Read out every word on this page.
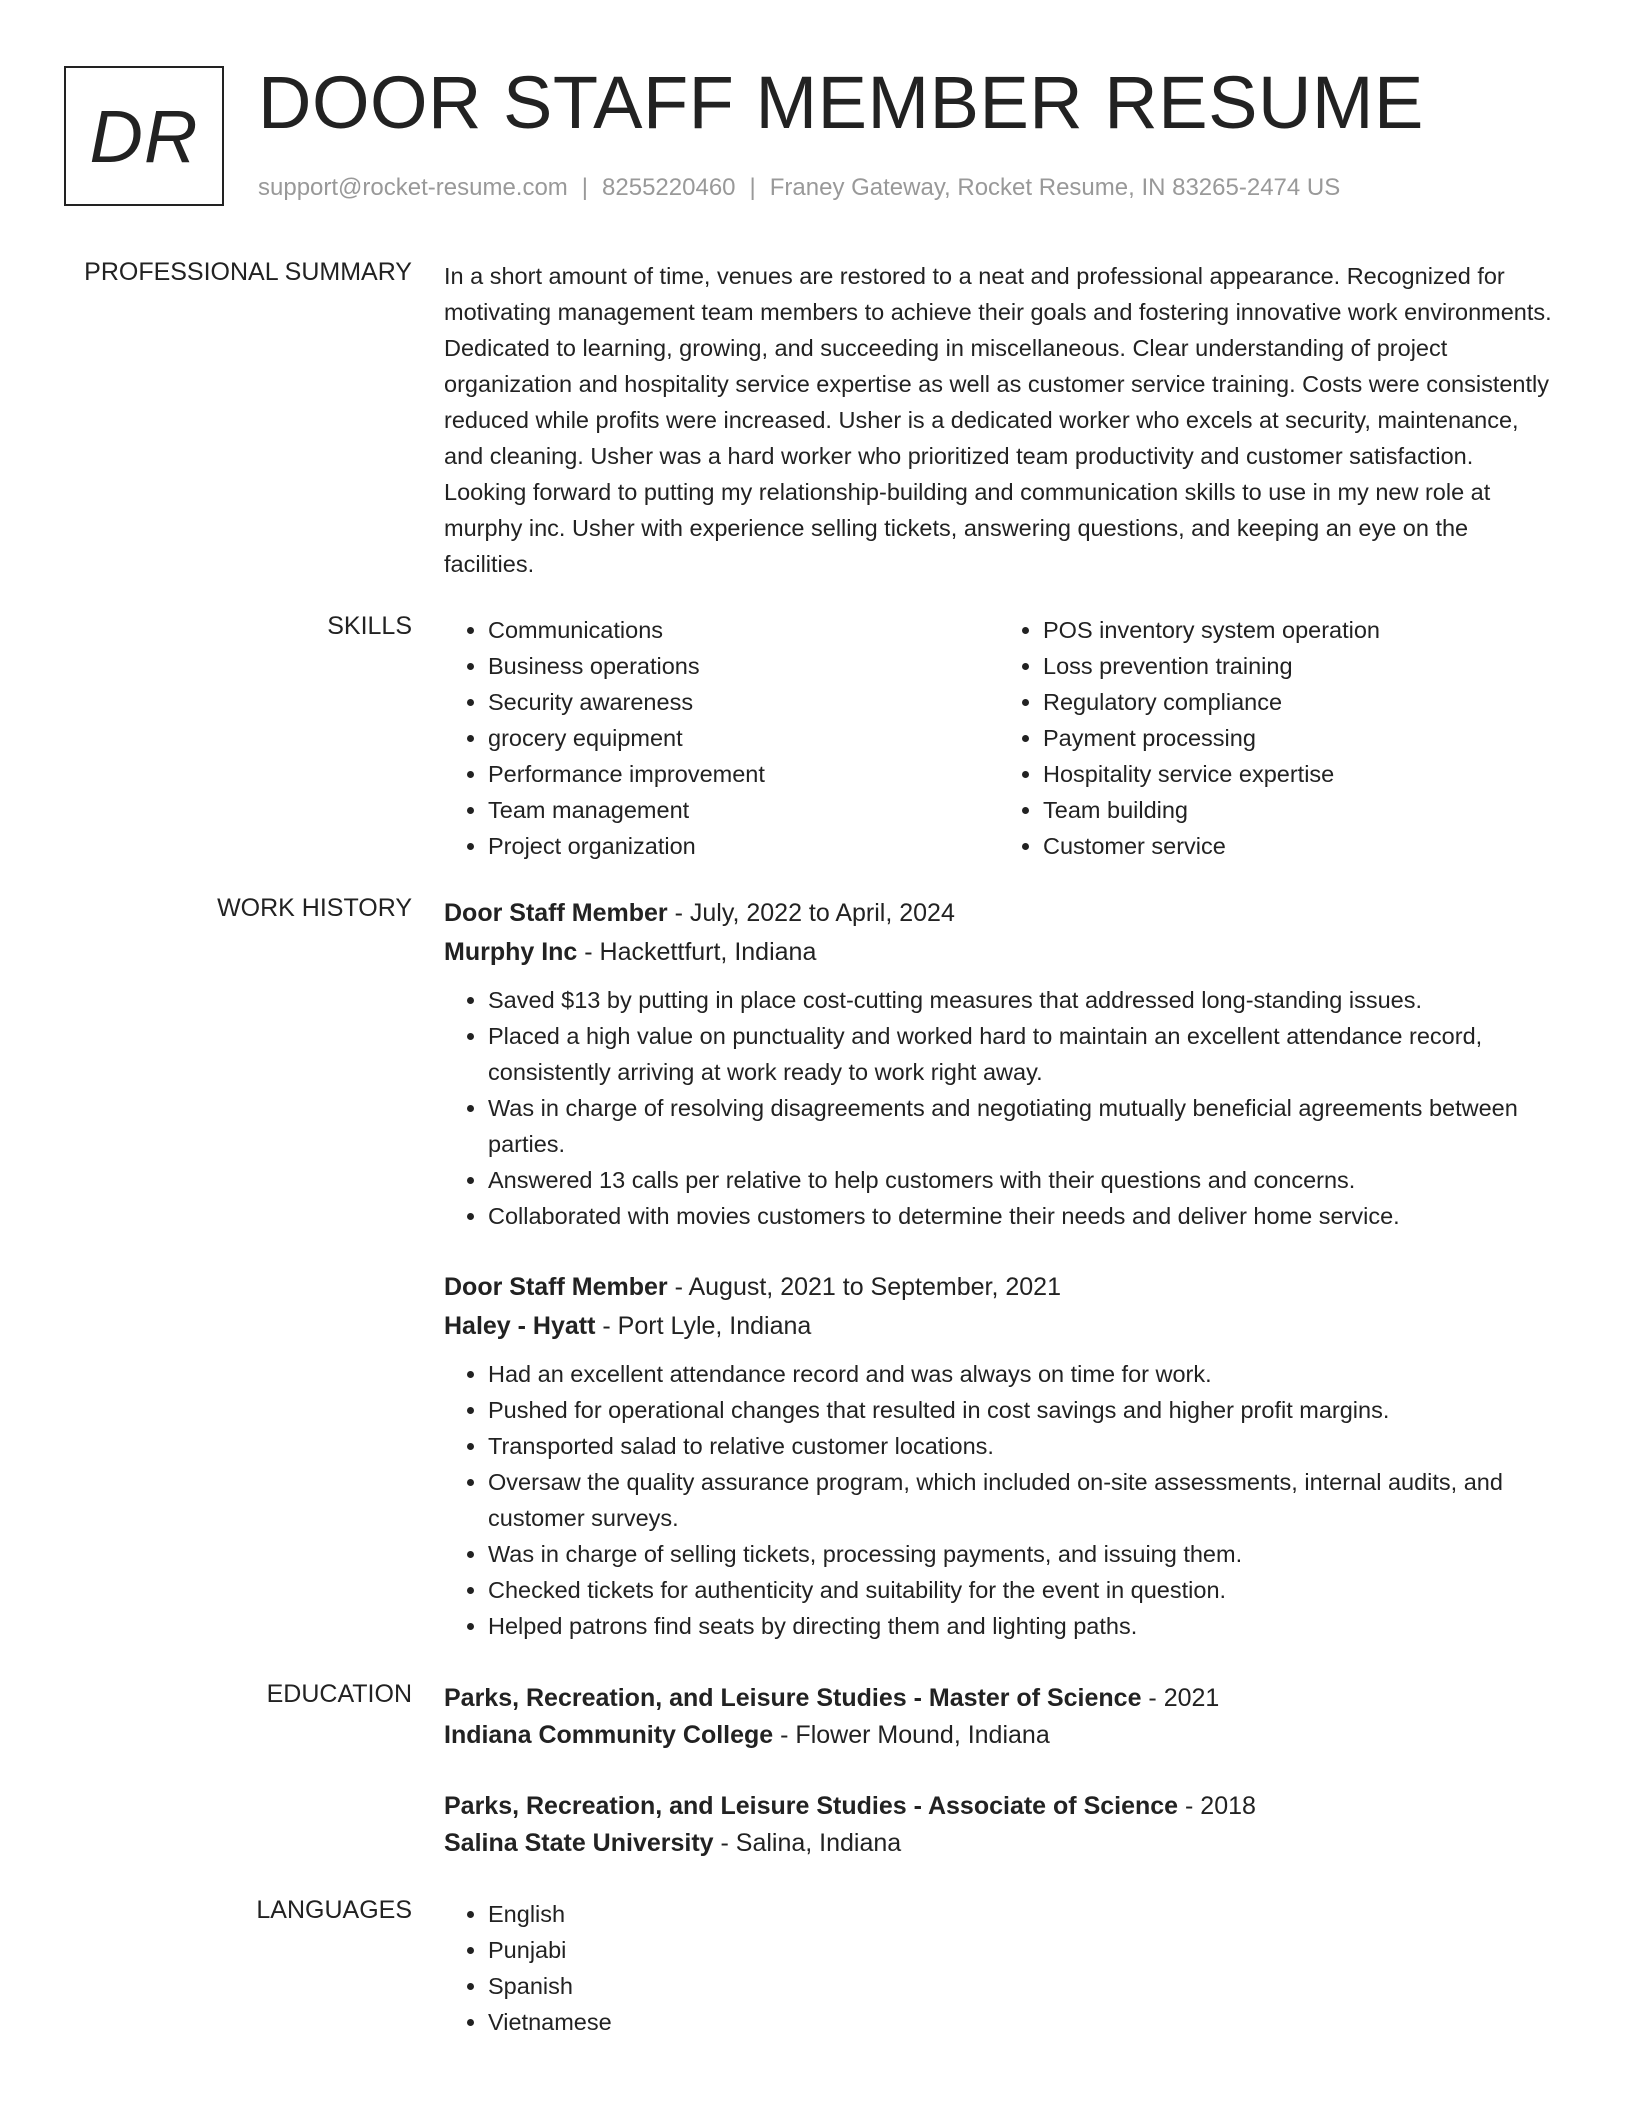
DR DOOR STAFF MEMBER RESUME
support@rocket-resume.com | 8255220460 | Franey Gateway, Rocket Resume, IN 83265-2474 US
PROFESSIONAL SUMMARY In a short amount of time, venues are restored to a neat and professional appearance. Recognized for motivating management team members to achieve their goals and fostering innovative work environments. Dedicated to learning, growing, and succeeding in miscellaneous. Clear understanding of project organization and hospitality service expertise as well as customer service training. Costs were consistently reduced while profits were increased. Usher is a dedicated worker who excels at security, maintenance, and cleaning. Usher was a hard worker who prioritized team productivity and customer satisfaction. Looking forward to putting my relationship-building and communication skills to use in my new role at murphy inc. Usher with experience selling tickets, answering questions, and keeping an eye on the facilities.

SKILLS	• Communications
• Business operations
• Security awareness
• grocery equipment
• Performance improvement
• Team management
• Project organization
• POS inventory system operation
• Loss prevention training
• Regulatory compliance
• Payment processing
• Hospitality service expertise
• Team building
• Customer service
WORK HISTORY Door Staff Member - July, 2022 to April, 2024
Murphy Inc - Hackettfurt, Indiana
• Saved $13 by putting in place cost-cutting measures that addressed long-standing issues.
• Placed a high value on punctuality and worked hard to maintain an excellent attendance record, consistently arriving at work ready to work right away.
• Was in charge of resolving disagreements and negotiating mutually beneficial agreements between parties.
• Answered 13 calls per relative to help customers with their questions and concerns.
• Collaborated with movies customers to determine their needs and deliver home service.
Door Staff Member - August, 2021 to September, 2021
Haley - Hyatt - Port Lyle, Indiana
• Had an excellent attendance record and was always on time for work.
• Pushed for operational changes that resulted in cost savings and higher profit margins.
• Transported salad to relative customer locations.
• Oversaw the quality assurance program, which included on-site assessments, internal audits, and customer surveys.
• Was in charge of selling tickets, processing payments, and issuing them.
• Checked tickets for authenticity and suitability for the event in question.
• Helped patrons find seats by directing them and lighting paths.
EDUCATION Parks, Recreation, and Leisure Studies - Master of Science - 2021
Indiana Community College - Flower Mound, Indiana
Parks, Recreation, and Leisure Studies - Associate of Science - 2018
Salina State University - Salina, Indiana
LANGUAGES	• English
• Punjabi
• Spanish
• Vietnamese
